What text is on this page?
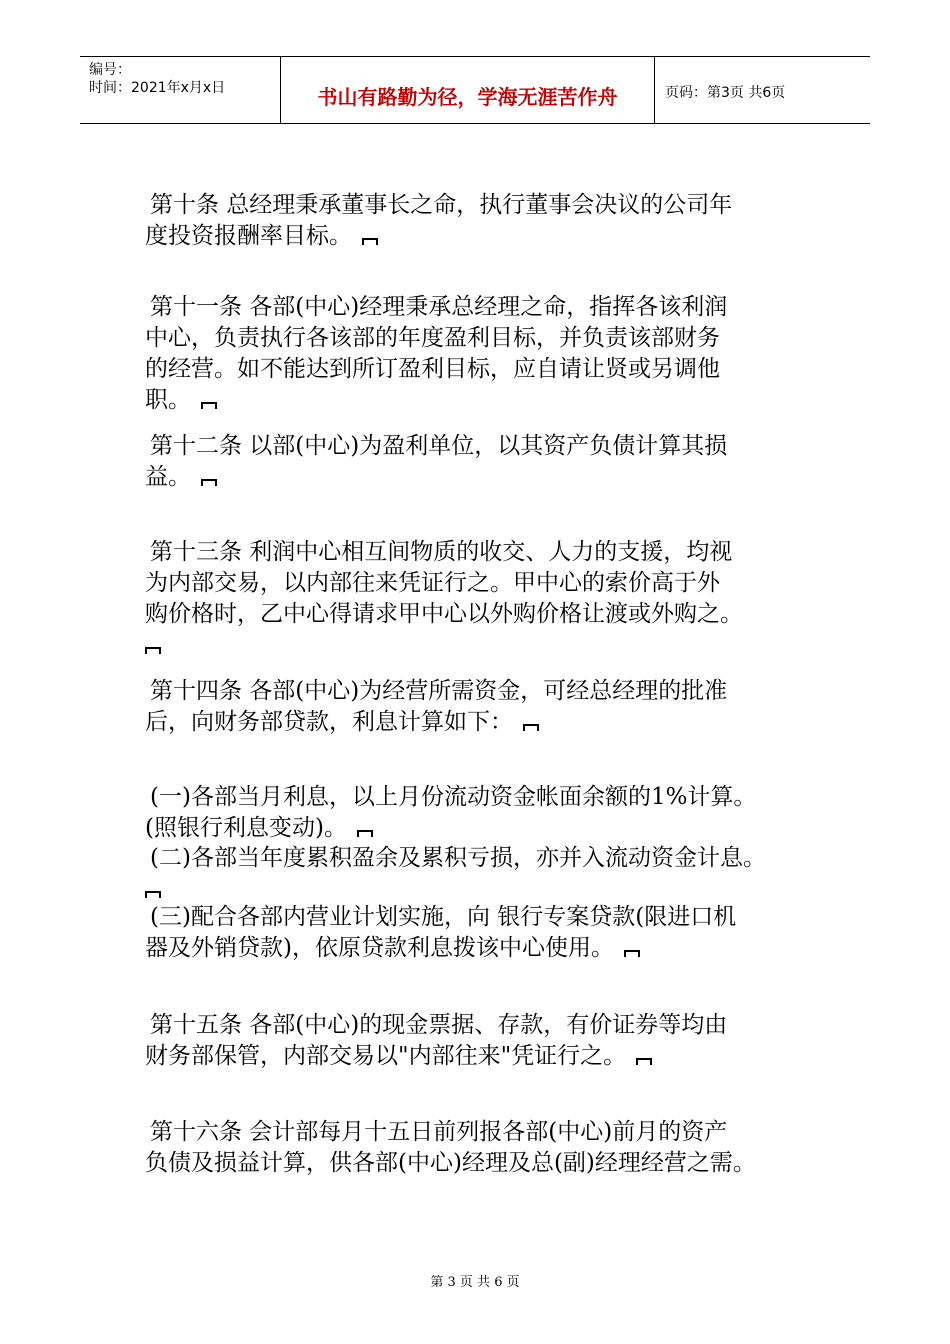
编号：
时间：2021年x月x日	书山有路勤为径，学海无涯苦作舟	页码：第3页 共6页
第十条 总经理秉承董事长之命，执行董事会决议的公司年
度投资报酬率目标。
第十一条 各部(中心)经理秉承总经理之命，指挥各该利润
中心，负责执行各该部的年度盈利目标，并负责该部财务
的经营。如不能达到所订盈利目标，应自请让贤或另调他
职。
第十二条 以部(中心)为盈利单位，以其资产负债计算其损
益。
第十三条 利润中心相互间物质的收交、人力的支援，均视
为内部交易，以内部往来凭证行之。甲中心的索价高于外
购价格时，乙中心得请求甲中心以外购价格让渡或外购之。
第十四条 各部(中心)为经营所需资金，可经总经理的批准
后，向财务部贷款，利息计算如下：
(一)各部当月利息，以上月份流动资金帐面余额的1%计算。
(照银行利息变动)。
(二)各部当年度累积盈余及累积亏损，亦并入流动资金计息。
(三)配合各部内营业计划实施，向 银行专案贷款(限进口机
器及外销贷款)，依原贷款利息拨该中心使用。
第十五条 各部(中心)的现金票据、存款，有价证券等均由
财务部保管，内部交易以"内部往来"凭证行之。
第十六条 会计部每月十五日前列报各部(中心)前月的资产
负债及损益计算，供各部(中心)经理及总(副)经理经营之需。
第 3 页 共 6 页
